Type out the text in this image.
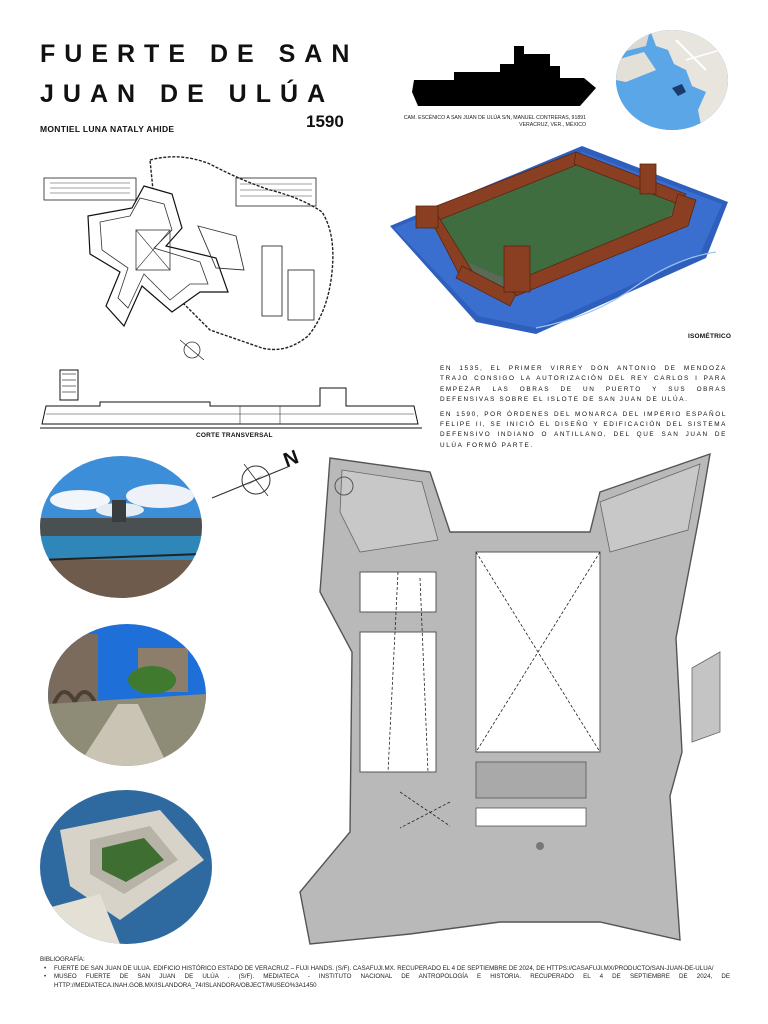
FUERTE DE SAN
JUAN DE ULÚA
MONTIEL LUNA NATALY AHIDE	1590	CAM. ESCÉNICO A SAN JUAN DE ULÚA S/N, MANUEL CONTRERAS, 91891
VERACRUZ, VER., MÉXICO
CORTE TRANSVERSAL
ISOMÉTRICO

EN 1535, EL PRIMER VIRREY DON ANTONIO DE MENDOZA TRAJO CONSIGO LA AUTORIZACIÓN DEL REY CARLOS I PARA EMPEZAR LAS OBRAS DE UN PUERTO Y SUS OBRAS DEFENSIVAS SOBRE EL ISLOTE DE SAN JUAN DE ULÚA.

EN 1590, POR ÓRDENES DEL MONARCA DEL IMPERIO ESPAÑOL FELIPE II, SE INICIÓ EL DISEÑO Y EDIFICACIÓN DEL SISTEMA DEFENSIVO INDIANO O ANTILLANO, DEL QUE SAN JUAN DE ULÚA FORMÓ PARTE.

N
BIBLIOGRAFÍA:
• FUERTE DE SAN JUAN DE ULUA. EDIFICIO HISTÓRICO ESTADO DE VERACRUZ – FUJI HANDS. (S/F). CASAFUJI.MX. RECUPERADO EL 4 DE SEPTIEMBRE DE 2024, DE HTTPS://CASAFUJI.MX/PRODUCTO/SAN-JUAN-DE-ULUA/
• MUSEO FUERTE DE SAN JUAN DE ULÚA . (S/F). MEDIATECA - INSTITUTO NACIONAL DE ANTROPOLOGÍA E HISTORIA. RECUPERADO EL 4 DE SEPTIEMBRE DE 2024, DE HTTP://MEDIATECA.INAH.GOB.MX/ISLANDORA_74/ISLANDORA/OBJECT/MUSEO%3A1450
